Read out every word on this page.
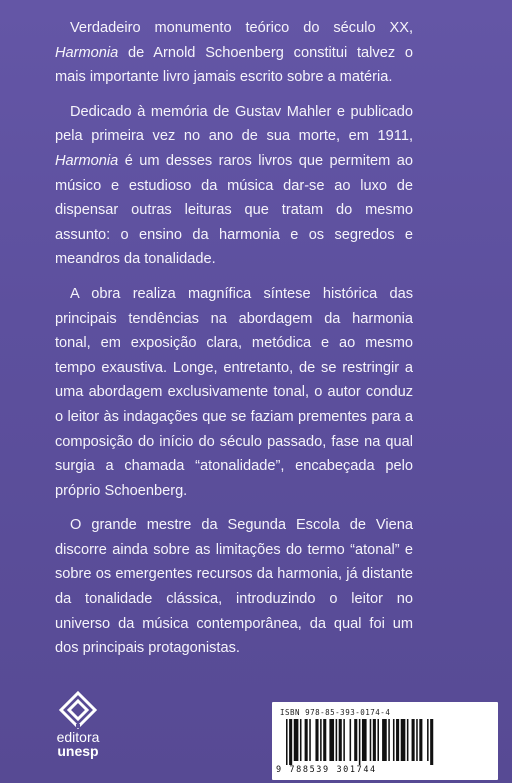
Verdadeiro monumento teórico do século XX, Harmonia de Arnold Schoenberg constitui talvez o mais importante livro jamais escrito sobre a matéria.

Dedicado à memória de Gustav Mahler e publicado pela primeira vez no ano de sua morte, em 1911, Harmonia é um desses raros livros que permitem ao músico e estudioso da música dar-se ao luxo de dispensar outras leituras que tratam do mesmo assunto: o ensino da harmonia e os segredos e meandros da tonalidade.

A obra realiza magnífica síntese histórica das principais tendências na abordagem da harmonia tonal, em exposição clara, metódica e ao mesmo tempo exaustiva. Longe, entretanto, de se restringir a uma abordagem exclusivamente tonal, o autor conduz o leitor às indagações que se faziam prementes para a composição do início do século passado, fase na qual surgia a chamada “atonalidade”, encabeçada pelo próprio Schoenberg.

O grande mestre da Segunda Escola de Viena discorre ainda sobre as limitações do termo “atonal” e sobre os emergentes recursos da harmonia, já distante da tonalidade clássica, introduzindo o leitor no universo da música contemporânea, da qual foi um dos principais protagonistas.

editora
unesp
ISBN 978-85-393-0174-4
9 788539 301744
